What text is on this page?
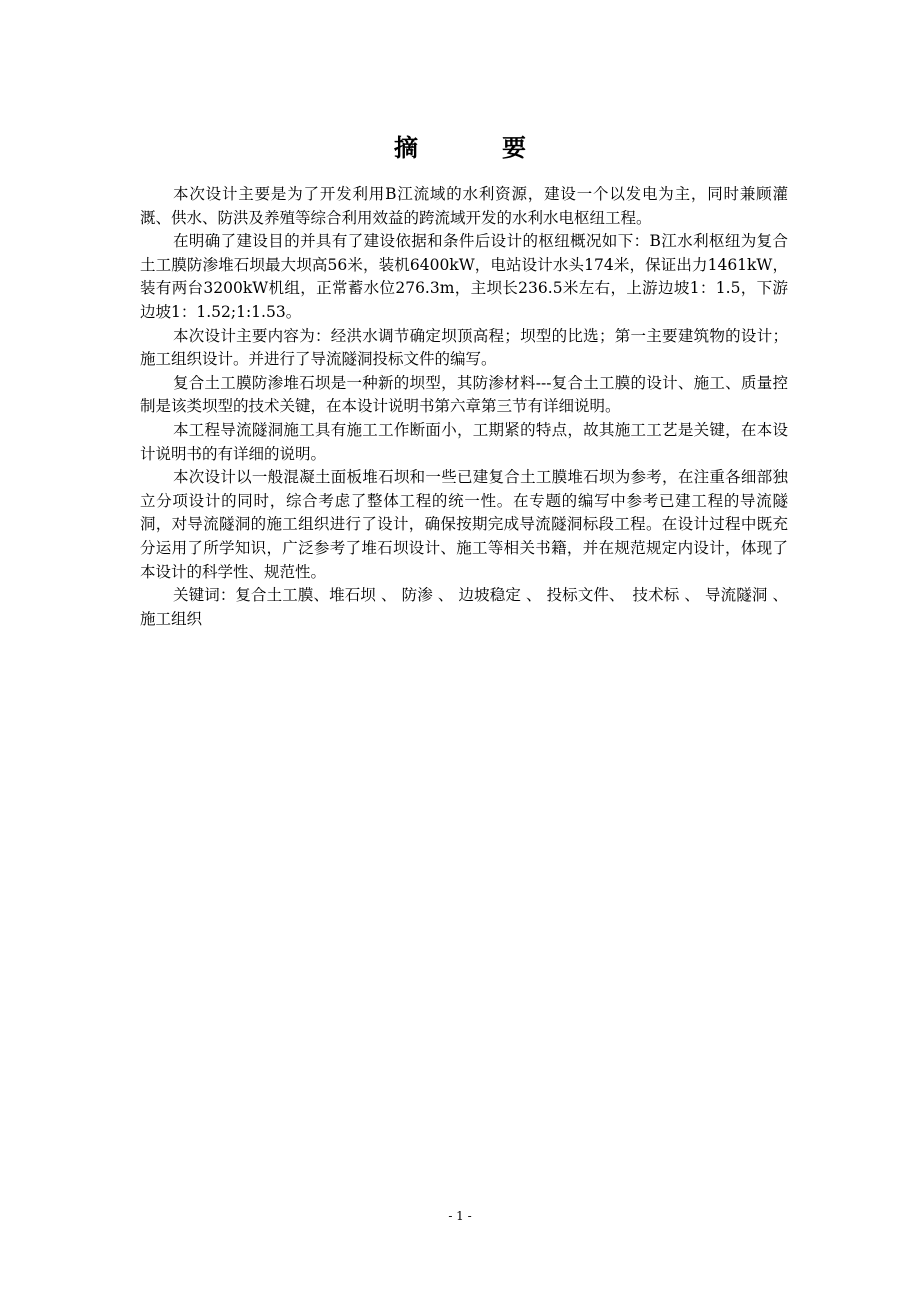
摘　要

本次设计主要是为了开发利用B江流域的水利资源，建设一个以发电为主，同时兼顾灌溉、供水、防洪及养殖等综合利用效益的跨流域开发的水利水电枢纽工程。

在明确了建设目的并具有了建设依据和条件后设计的枢纽概况如下：B江水利枢纽为复合土工膜防渗堆石坝最大坝高56米，装机6400kW，电站设计水头174米，保证出力1461kW，装有两台3200kW机组，正常蓄水位276.3m，主坝长236.5米左右，上游边坡1：1.5，下游边坡1：1.52;1:1.53。

本次设计主要内容为：经洪水调节确定坝顶高程；坝型的比选；第一主要建筑物的设计；施工组织设计。并进行了导流隧洞投标文件的编写。

复合土工膜防渗堆石坝是一种新的坝型，其防渗材料---复合土工膜的设计、施工、质量控制是该类坝型的技术关键，在本设计说明书第六章第三节有详细说明。

本工程导流隧洞施工具有施工工作断面小，工期紧的特点，故其施工工艺是关键，在本设计说明书的有详细的说明。

本次设计以一般混凝土面板堆石坝和一些已建复合土工膜堆石坝为参考，在注重各细部独立分项设计的同时，综合考虑了整体工程的统一性。在专题的编写中参考已建工程的导流隧洞，对导流隧洞的施工组织进行了设计，确保按期完成导流隧洞标段工程。在设计过程中既充分运用了所学知识，广泛参考了堆石坝设计、施工等相关书籍，并在规范规定内设计，体现了本设计的科学性、规范性。

关键词：复合土工膜、堆石坝 、 防渗 、 边坡稳定 、 投标文件、　技术标 、 导流隧洞 、施工组织

- 1 -
